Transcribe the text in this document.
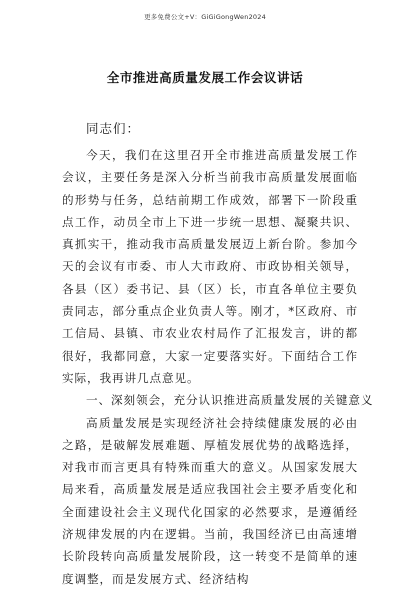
更多免费公文+V：GiGiGongWen2024
全市推进高质量发展工作会议讲话
同志们：

今天，我们在这里召开全市推进高质量发展工作会议，主要任务是深入分析当前我市高质量发展面临的形势与任务，总结前期工作成效，部署下一阶段重点工作，动员全市上下进一步统一思想、凝聚共识、真抓实干，推动我市高质量发展迈上新台阶。参加今天的会议有市委、市人大市政府、市政协相关领导，各县（区）委书记、县（区）长，市直各单位主要负责同志，部分重点企业负责人等。刚才，*区政府、市工信局、县镇、市农业农村局作了汇报发言，讲的都很好，我都同意，大家一定要落实好。下面结合工作实际，我再讲几点意见。

一、深刻领会，充分认识推进高质量发展的关键意义

高质量发展是实现经济社会持续健康发展的必由之路，是破解发展难题、厚植发展优势的战略选择，对我市而言更具有特殊而重大的意义。从国家发展大局来看，高质量发展是适应我国社会主要矛盾变化和全面建设社会主义现代化国家的必然要求，是遵循经济规律发展的内在逻辑。当前，我国经济已由高速增长阶段转向高质量发展阶段，这一转变不是简单的速度调整，而是发展方式、经济结构
